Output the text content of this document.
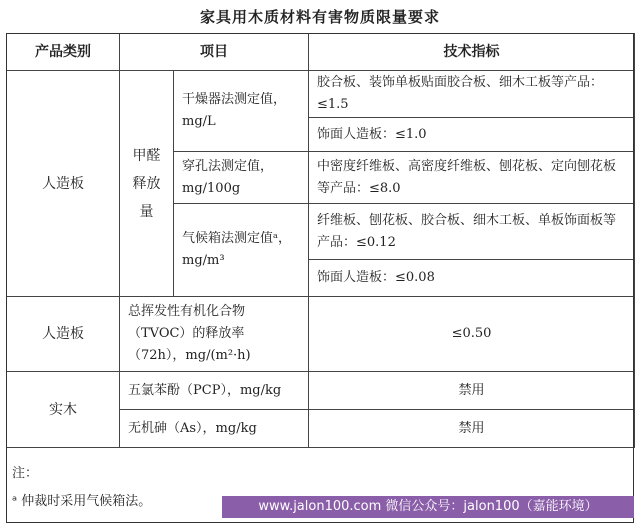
家具用木质材料有害物质限量要求
产品类别	项目		技术指标
人造板	甲醛释放量	干燥器法测定值，mg/L	胶合板、装饰单板贴面胶合板、细木工板等产品：≤1.5
			饰面人造板：≤1.0
		穿孔法测定值，mg/100g	中密度纤维板、高密度纤维板、刨花板、定向刨花板等产品：≤8.0
		气候箱法测定值ᵃ，mg/m³	纤维板、刨花板、胶合板、细木工板、单板饰面板等产品：≤0.12
			饰面人造板：≤0.08
人造板	总挥发性有机化合物（TVOC）的释放率（72h），mg/(m²·h)		≤0.50
实木	五氯苯酚（PCP），mg/kg		禁用
	无机砷（As），mg/kg		禁用
注：
ᵃ 仲裁时采用气候箱法。	www.jalon100.com 微信公众号：jalon100（嘉能环境）
